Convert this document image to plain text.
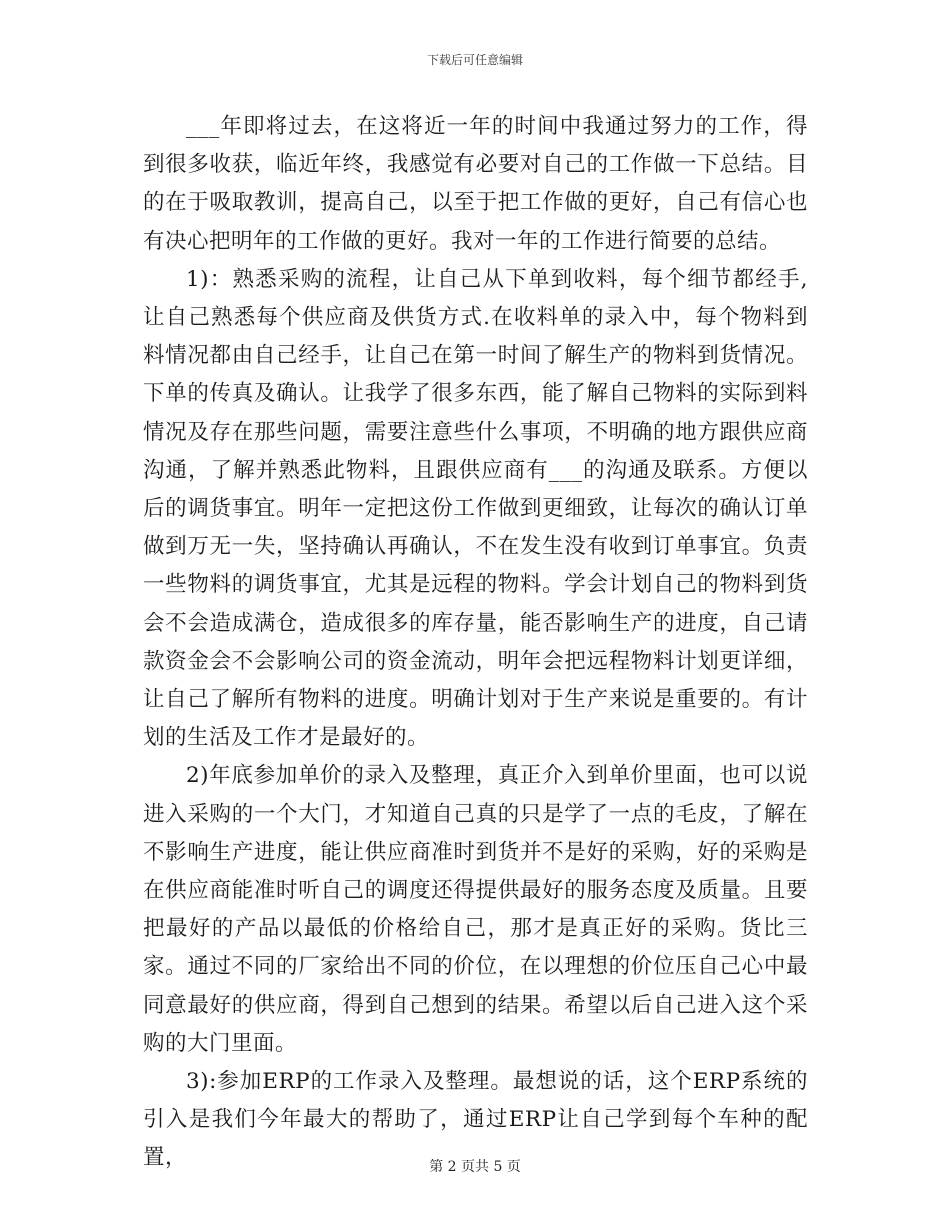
下载后可任意编辑

___年即将过去，在这将近一年的时间中我通过努力的工作，得到很多收获，临近年终，我感觉有必要对自己的工作做一下总结。目的在于吸取教训，提高自己，以至于把工作做的更好，自己有信心也有决心把明年的工作做的更好。我对一年的工作进行简要的总结。

1)：熟悉采购的流程，让自己从下单到收料，每个细节都经手,让自己熟悉每个供应商及供货方式.在收料单的录入中，每个物料到料情况都由自己经手，让自己在第一时间了解生产的物料到货情况。下单的传真及确认。让我学了很多东西，能了解自己物料的实际到料情况及存在那些问题，需要注意些什么事项，不明确的地方跟供应商沟通，了解并熟悉此物料，且跟供应商有___的沟通及联系。方便以后的调货事宜。明年一定把这份工作做到更细致，让每次的确认订单做到万无一失，坚持确认再确认，不在发生没有收到订单事宜。负责一些物料的调货事宜，尤其是远程的物料。学会计划自己的物料到货会不会造成满仓，造成很多的库存量，能否影响生产的进度，自己请款资金会不会影响公司的资金流动，明年会把远程物料计划更详细，让自己了解所有物料的进度。明确计划对于生产来说是重要的。有计划的生活及工作才是最好的。

2)年底参加单价的录入及整理，真正介入到单价里面，也可以说进入采购的一个大门，才知道自己真的只是学了一点的毛皮，了解在不影响生产进度，能让供应商准时到货并不是好的采购，好的采购是在供应商能准时听自己的调度还得提供最好的服务态度及质量。且要把最好的产品以最低的价格给自己，那才是真正好的采购。货比三家。通过不同的厂家给出不同的价位，在以理想的价位压自己心中最同意最好的供应商，得到自己想到的结果。希望以后自己进入这个采购的大门里面。

3):参加ERP的工作录入及整理。最想说的话，这个ERP系统的引入是我们今年最大的帮助了，通过ERP让自己学到每个车种的配置，	第 2 页共 5 页
